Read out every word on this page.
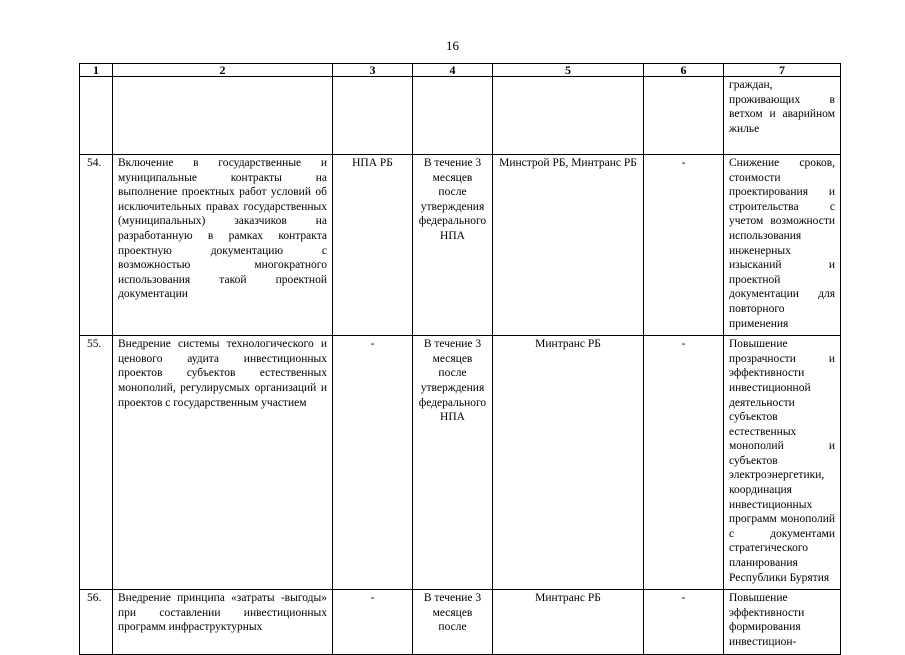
16
1	2	3	4	5	6	7
						граждан, проживающих в ветхом и аварийном жилье
54.	Включение в государственные и муниципальные контракты на выполнение проектных работ условий об исключительных правах государственных (муниципальных) заказчиков на разработанную в рамках контракта проектную документацию с возможностью многократного использования такой проектной документации	НПА РБ	В течение 3 месяцев после утверждения федерального НПА	Минстрой РБ, Минтранс РБ	-	Снижение сроков, стоимости проектирования и строительства с учетом возможности использования инженерных изысканий и проектной документации для повторного применения
55.	Внедрение системы технологического и ценового аудита инвестиционных проектов субъектов естественных монополий, регулирусмых организаций и проектов с государственным участием	-	В течение 3 месяцев после утверждения федерального НПА	Минтранс РБ	-	Повышение прозрачности и эффективности инвестиционной деятельности субъектов естественных монополий и субъектов электроэнергетики, координация инвестиционных программ монополий с документами стратегического планирования Республики Бурятия
56.	Внедрение принципа «затраты -выгоды» при составлении инвестиционных программ инфраструктурных	-	В течение 3 месяцев после	Минтранс РБ	-	Повышение эффективности формирования инвестицион-
